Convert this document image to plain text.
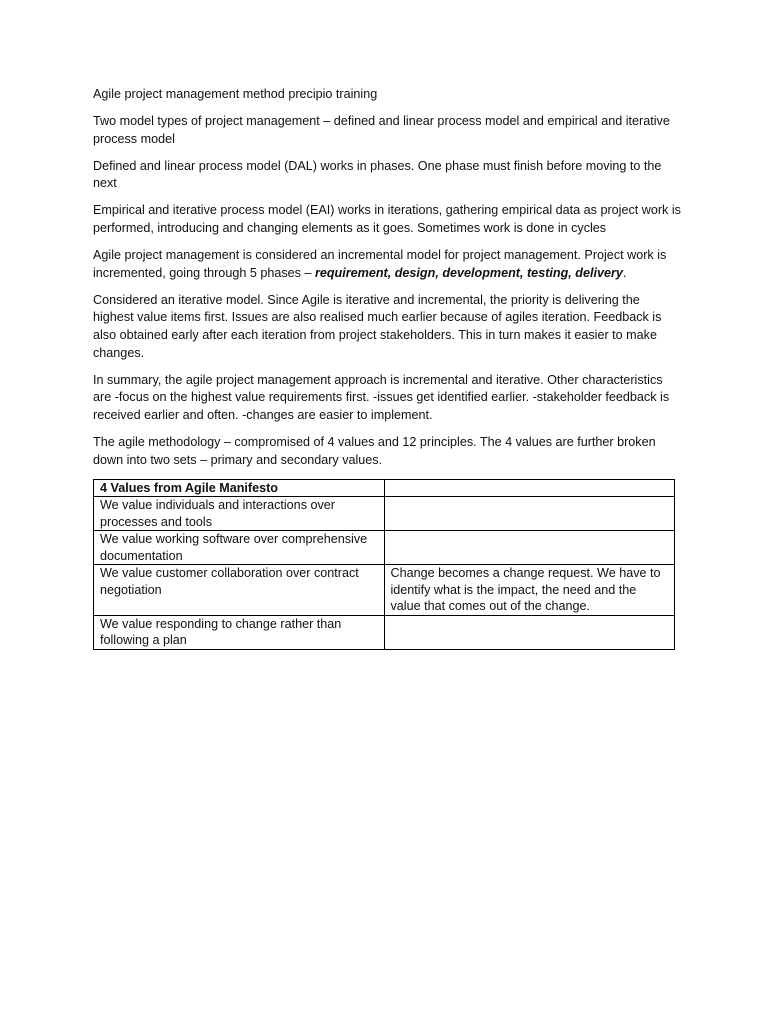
Agile project management method precipio training

Two model types of project management – defined and linear process model and empirical and iterative process model

Defined and linear process model (DAL) works in phases. One phase must finish before moving to the next

Empirical and iterative process model (EAI) works in iterations, gathering empirical data as project work is performed, introducing and changing elements as it goes. Sometimes work is done in cycles

Agile project management is considered an incremental model for project management. Project work is incremented, going through 5 phases – requirement, design, development, testing, delivery.

Considered an iterative model. Since Agile is iterative and incremental, the priority is delivering the highest value items first. Issues are also realised much earlier because of agiles iteration. Feedback is also obtained early after each iteration from project stakeholders. This in turn makes it easier to make changes.

In summary, the agile project management approach is incremental and iterative. Other characteristics are -focus on the highest value requirements first. -issues get identified earlier. -stakeholder feedback is received earlier and often. -changes are easier to implement.

The agile methodology – compromised of 4 values and 12 principles. The 4 values are further broken down into two sets – primary and secondary values.

4 Values from Agile Manifesto	
We value individuals and interactions over processes and tools	
We value working software over comprehensive documentation	
We value customer collaboration over contract negotiation	Change becomes a change request. We have to identify what is the impact, the need and the value that comes out of the change.
We value responding to change rather than following a plan	
